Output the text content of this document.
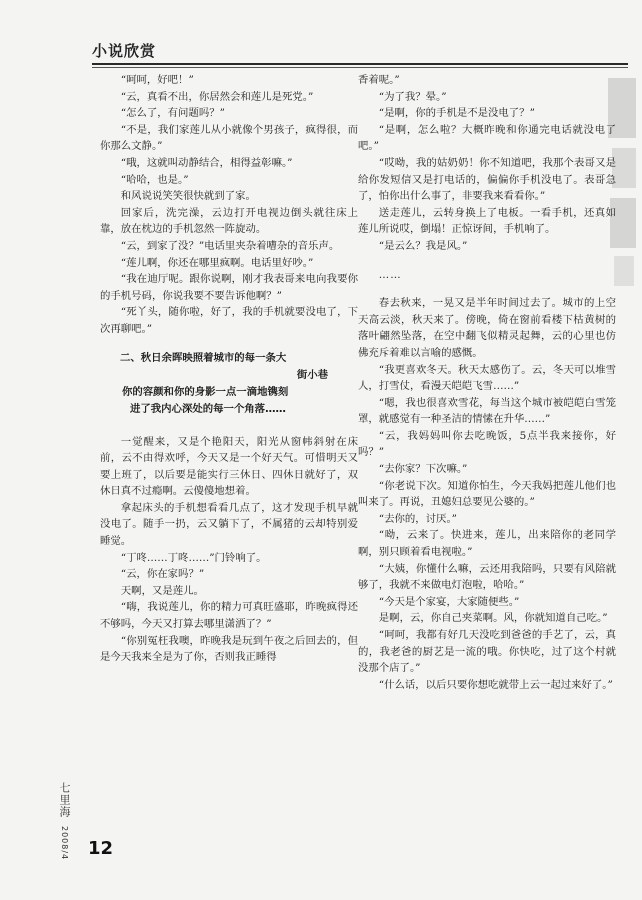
小说欣赏

“呵呵，好吧！”

“云，真看不出，你居然会和莲儿是死党。”

“怎么了，有问题吗？”

“不是，我们家莲儿从小就像个男孩子，疯得很，而你那么文静。”

“哦，这就叫动静结合，相得益彰嘛。”

“哈哈，也是。”

和风说说笑笑很快就到了家。

回家后，洗完澡，云边打开电视边倒头就往床上靠，放在枕边的手机忽然一阵旋动。

“云，到家了没？”电话里夹杂着嘈杂的音乐声。

“莲儿啊，你还在哪里疯啊。电话里好吵。”

“我在迪厅呢。跟你说啊，刚才我表哥来电向我要你的手机号码，你说我要不要告诉他啊？”

“死丫头，随你啦，好了，我的手机就要没电了，下次再聊吧。”

二、秋日余晖映照着城市的每一条大
街小巷
你的容颜和你的身影一点一滴地镌刻
进了我内心深处的每一个角落……

一觉醒来，又是个艳阳天，阳光从窗帏斜射在床前，云不由得欢呼，今天又是一个好天气。可惜明天又要上班了，以后要是能实行三休日、四休日就好了，双休日真不过瘾啊。云傻傻地想着。

拿起床头的手机想看看几点了，这才发现手机早就没电了。随手一扔，云又躺下了，不属猪的云却特别爱睡觉。

“丁咚……丁咚……”门铃响了。

“云，你在家吗？”

天啊，又是莲儿。

“嗨，我说莲儿，你的精力可真旺盛耶，昨晚疯得还不够吗，今天又打算去哪里潇洒了？”

“你别冤枉我噢，昨晚我是玩到午夜之后回去的，但是今天我来全是为了你，否则我正睡得

香着呢。”

“为了我？晕。”

“是啊，你的手机是不是没电了？”

“是啊，怎么啦？大概昨晚和你通完电话就没电了吧。”

“哎呦，我的姑奶奶！你不知道吧，我那个表哥又是给你发短信又是打电话的，偏偏你手机没电了。表哥急了，怕你出什么事了，非要我来看看你。”

送走莲儿，云转身换上了电板。一看手机，还真如莲儿所说哎，倒塌！正惊讶间，手机响了。

“是云么？我是风。”

……

春去秋来，一晃又是半年时间过去了。城市的上空天高云淡，秋天来了。傍晚，倚在窗前看楼下枯黄树的落叶翩然坠落，在空中翻飞似精灵起舞，云的心里也仿佛充斥着难以言喻的感慨。

“我更喜欢冬天。秋天太感伤了。云，冬天可以堆雪人，打雪仗，看漫天皑皑飞雪……”

“嗯，我也很喜欢雪花，每当这个城市被皑皑白雪笼罩，就感觉有一种圣洁的情愫在升华……”

“云，我妈妈叫你去吃晚饭，5点半我来接你，好吗？”

“去你家？下次嘛。”

“你老说下次。知道你怕生，今天我妈把莲儿他们也叫来了。再说，丑媳妇总要见公婆的。”

“去你的，讨厌。”

“呦，云来了。快进来，莲儿，出来陪你的老同学啊，别只顾着看电视啦。”

“大姨，你懂什么嘛，云还用我陪吗，只要有风陪就够了，我就不来做电灯泡啦，哈哈。”

“今天是个家宴，大家随便些。”

是啊，云，你自己夹菜啊。风，你就知道自己吃。”

“呵呵，我都有好几天没吃到爸爸的手艺了，云，真的，我老爸的厨艺是一流的哦。你快吃，过了这个村就没那个店了。”

“什么话，以后只要你想吃就带上云一起过来好了。”

七里海 2008/4 12
